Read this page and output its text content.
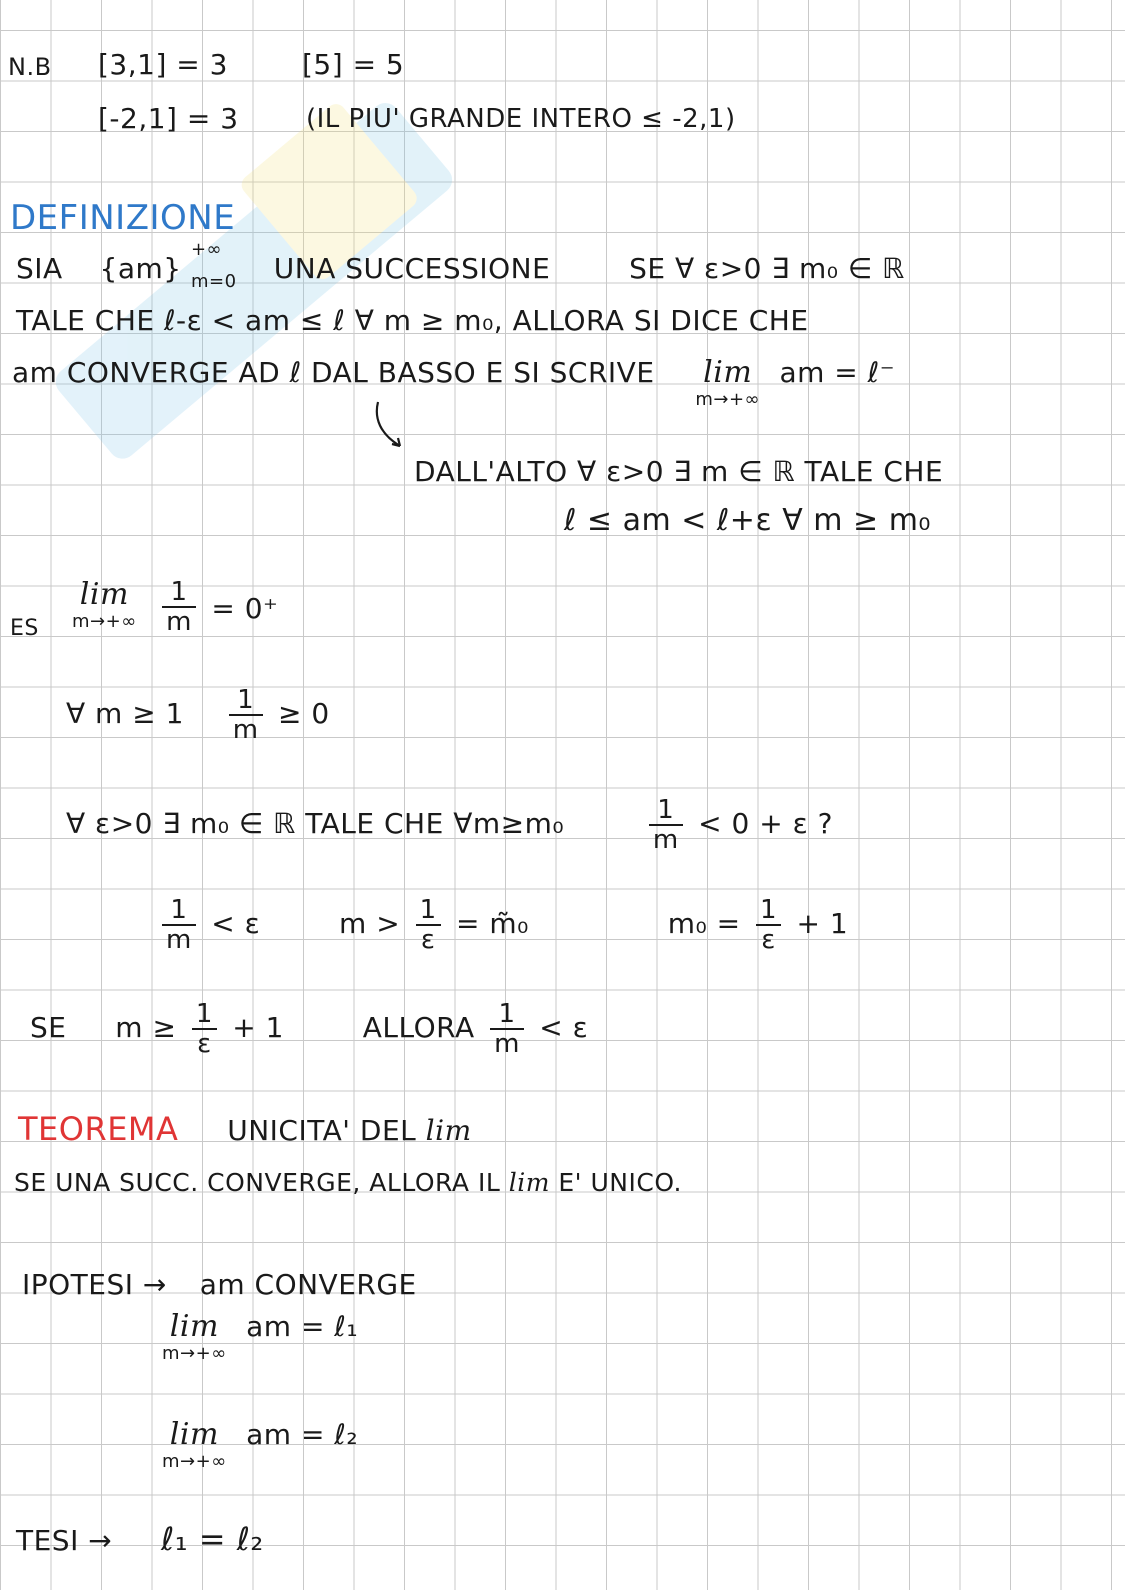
N.B [3,1] = 3	[5] = 5
[-2,1] = 3	(IL PIU' GRANDE INTERO ≤ -2,1)
DEFINIZIONE
SIA {am}
+∞
m=0 UNA SUCCESSIONE	SE ∀ ε>0 ∃ m₀ ∈ ℝ
TALE CHE ℓ-ε < am ≤ ℓ ∀ m ≥ m₀, ALLORA SI DICE CHE
am CONVERGE AD ℓ DAL BASSO E SI SCRIVE lim
m→+∞
am = ℓ⁻
DALL'ALTO ∀ ε>0 ∃ m ∈ ℝ TALE CHE
ℓ ≤ am < ℓ+ε ∀ m ≥ m₀
ES
lim
m→+∞
$\frac{1}{m} = 0^+$
∀ $m \ge 1 \frac{1}{m} \ge 0$
∀ ε>0 ∃ m₀ ∈ ℝ TALE CHE ∀m≥m₀	$\frac{1}{m} < 0 + \varepsilon$ ?
$\frac{1}{m} < \varepsilon$	$m > \frac{1}{\varepsilon}$ = m̃₀	$m_0 = \frac{1}{\varepsilon} + 1$
SE $m \ge \frac{1}{\varepsilon} + 1$	ALLORA $\frac{1}{m} < \varepsilon$
TEOREMA UNICITA' DEL lim
SE UNA SUCC. CONVERGE, ALLORA IL lim E' UNICO.
IPOTESI → am CONVERGE
lim
m→+∞
am = ℓ₁
lim
m→+∞
am = ℓ₂
TESI → ℓ₁ = ℓ₂
